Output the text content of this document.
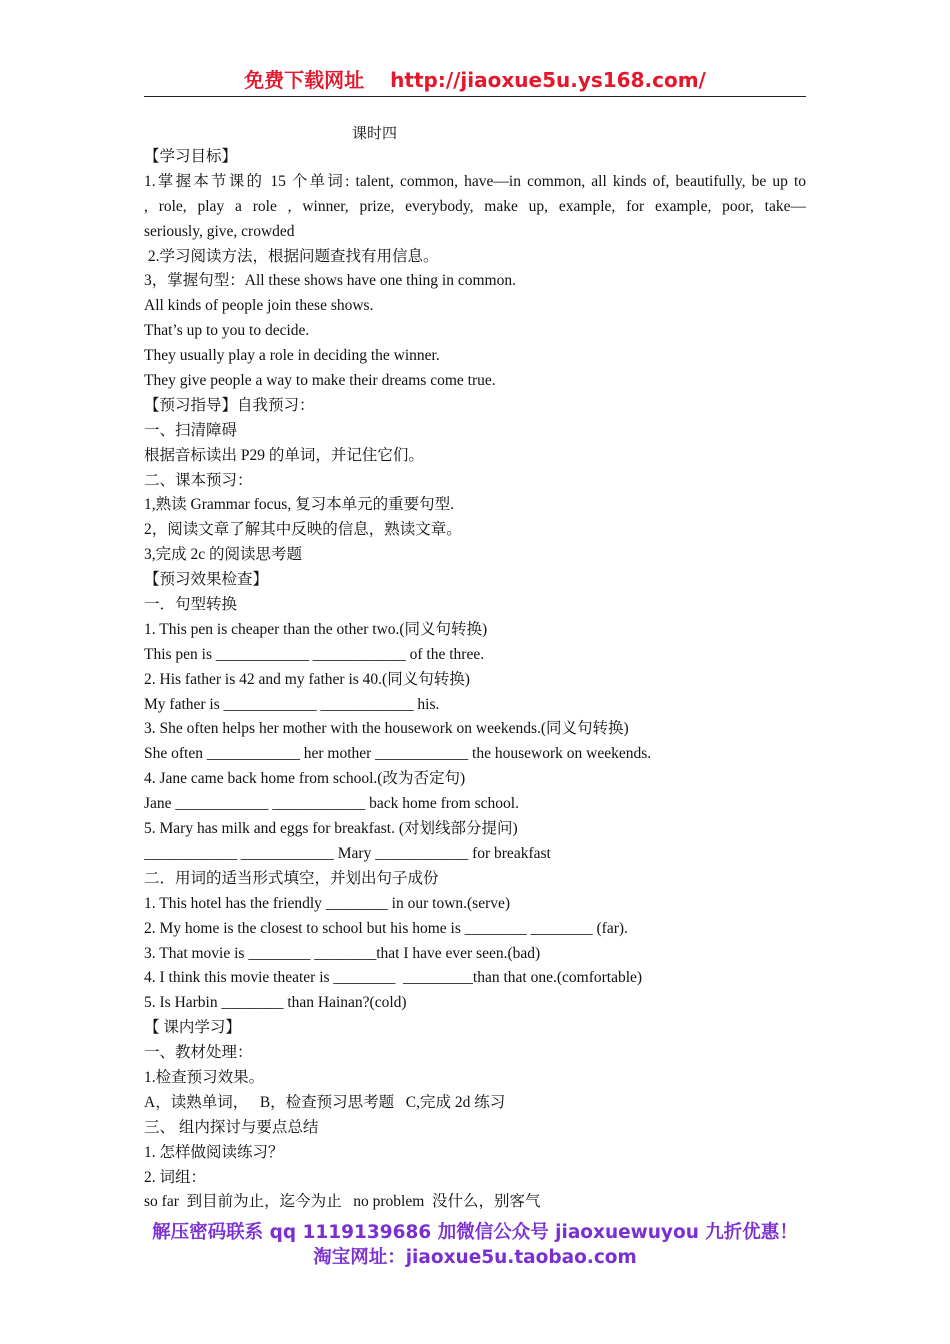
免费下载网址 http://jiaoxue5u.ys168.com/
课时四
【学习目标】
1.掌握本节课的 15 个单词: talent, common, have—in common, all kinds of, beautifully, be up to
, role, play a role , winner, prize, everybody, make up, example, for example, poor, take—
seriously, give, crowded
2.学习阅读方法，根据问题查找有用信息。
3，掌握句型：All these shows have one thing in common.
All kinds of people join these shows.
That’s up to you to decide.
They usually play a role in deciding the winner.
They give people a way to make their dreams come true.
【预习指导】自我预习：
一、扫清障碍
根据音标读出 P29 的单词，并记住它们。
二、课本预习：
1,熟读 Grammar focus, 复习本单元的重要句型.
2，阅读文章了解其中反映的信息，熟读文章。
3,完成 2c 的阅读思考题
【预习效果检查】
一．句型转换
1. This pen is cheaper than the other two.(同义句转换)
This pen is ____________ ____________ of the three.
2. His father is 42 and my father is 40.(同义句转换)
My father is ____________ ____________ his.
3. She often helps her mother with the housework on weekends.(同义句转换)
She often ____________ her mother ____________ the housework on weekends.
4. Jane came back home from school.(改为否定句)
Jane ____________ ____________ back home from school.
5. Mary has milk and eggs for breakfast. (对划线部分提问)
____________ ____________ Mary ____________ for breakfast
二．用词的适当形式填空，并划出句子成份
1. This hotel has the friendly ________ in our town.(serve)
2. My home is the closest to school but his home is ________ ________ (far).
3. That movie is ________ ________that I have ever seen.(bad)
4. I think this movie theater is ________  _________than that one.(comfortable)
5. Is Harbin ________ than Hainan?(cold)
【 课内学习】
一、教材处理：
1.检查预习效果。
A，读熟单词，   B，检查预习思考题   C,完成 2d 练习
三、 组内探讨与要点总结
1. 怎样做阅读练习？
2. 词组：
so far  到目前为止，迄今为止   no problem  没什么，别客气
解压密码联系 qq 1119139686 加微信公众号 jiaoxuewuyou 九折优惠！
淘宝网址：jiaoxue5u.taobao.com
